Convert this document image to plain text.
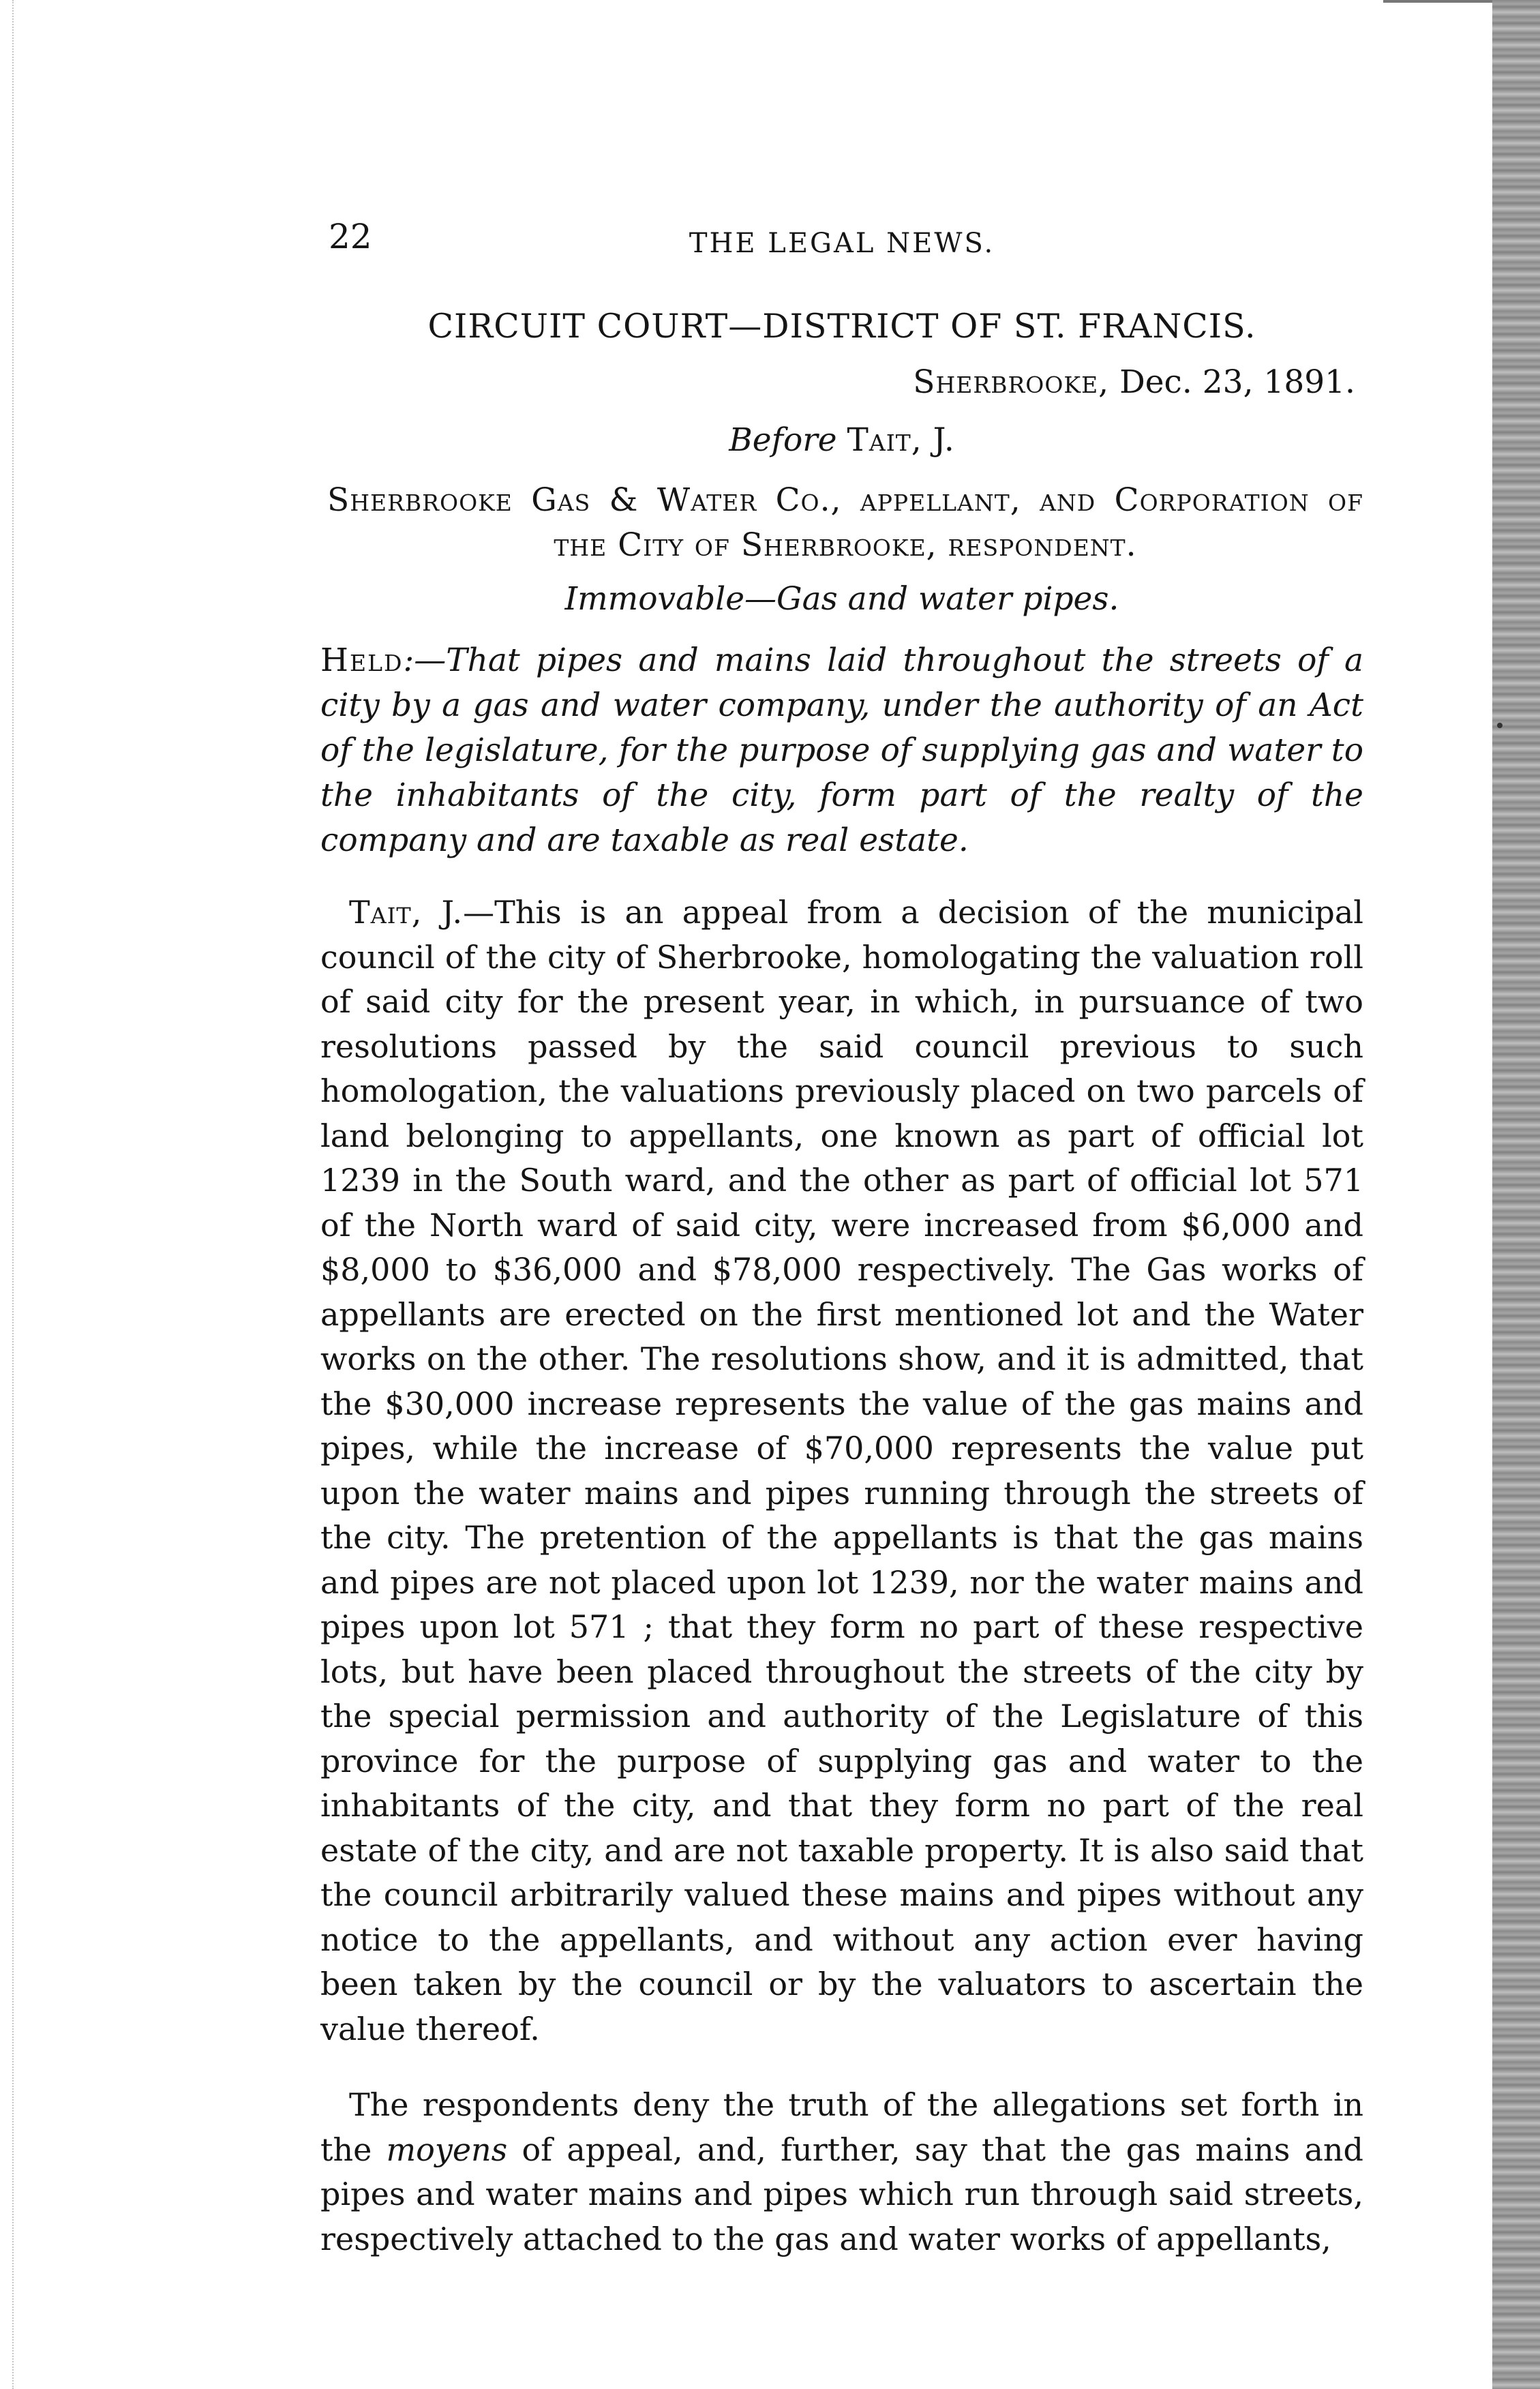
22	THE LEGAL NEWS.
CIRCUIT COURT—DISTRICT OF ST. FRANCIS.
Sherbrooke, Dec. 23, 1891.
Before Tait, J.
Sherbrooke Gas & Water Co., appellant, and Corporation of the City of Sherbrooke, respondent.
Immovable—Gas and water pipes.
Held:—That pipes and mains laid throughout the streets of a city by a gas and water company, under the authority of an Act of the legislature, for the purpose of supplying gas and water to the inhabitants of the city, form part of the realty of the company and are taxable as real estate.

Tait, J.—This is an appeal from a decision of the municipal council of the city of Sherbrooke, homologating the valuation roll of said city for the present year, in which, in pursuance of two resolutions passed by the said council previous to such homologation, the valuations previously placed on two parcels of land belonging to appellants, one known as part of official lot 1239 in the South ward, and the other as part of official lot 571 of the North ward of said city, were increased from $6,000 and $8,000 to $36,000 and $78,000 respectively. The Gas works of appellants are erected on the first mentioned lot and the Water works on the other. The resolutions show, and it is admitted, that the $30,000 increase represents the value of the gas mains and pipes, while the increase of $70,000 represents the value put upon the water mains and pipes running through the streets of the city. The pretention of the appellants is that the gas mains and pipes are not placed upon lot 1239, nor the water mains and pipes upon lot 571 ; that they form no part of these respective lots, but have been placed throughout the streets of the city by the special permission and authority of the Legislature of this province for the purpose of supplying gas and water to the inhabitants of the city, and that they form no part of the real estate of the city, and are not taxable property. It is also said that the council arbitrarily valued these mains and pipes without any notice to the appellants, and without any action ever having been taken by the council or by the valuators to ascertain the value thereof.

The respondents deny the truth of the allegations set forth in the moyens of appeal, and, further, say that the gas mains and pipes and water mains and pipes which run through said streets, respectively attached to the gas and water works of appellants,
